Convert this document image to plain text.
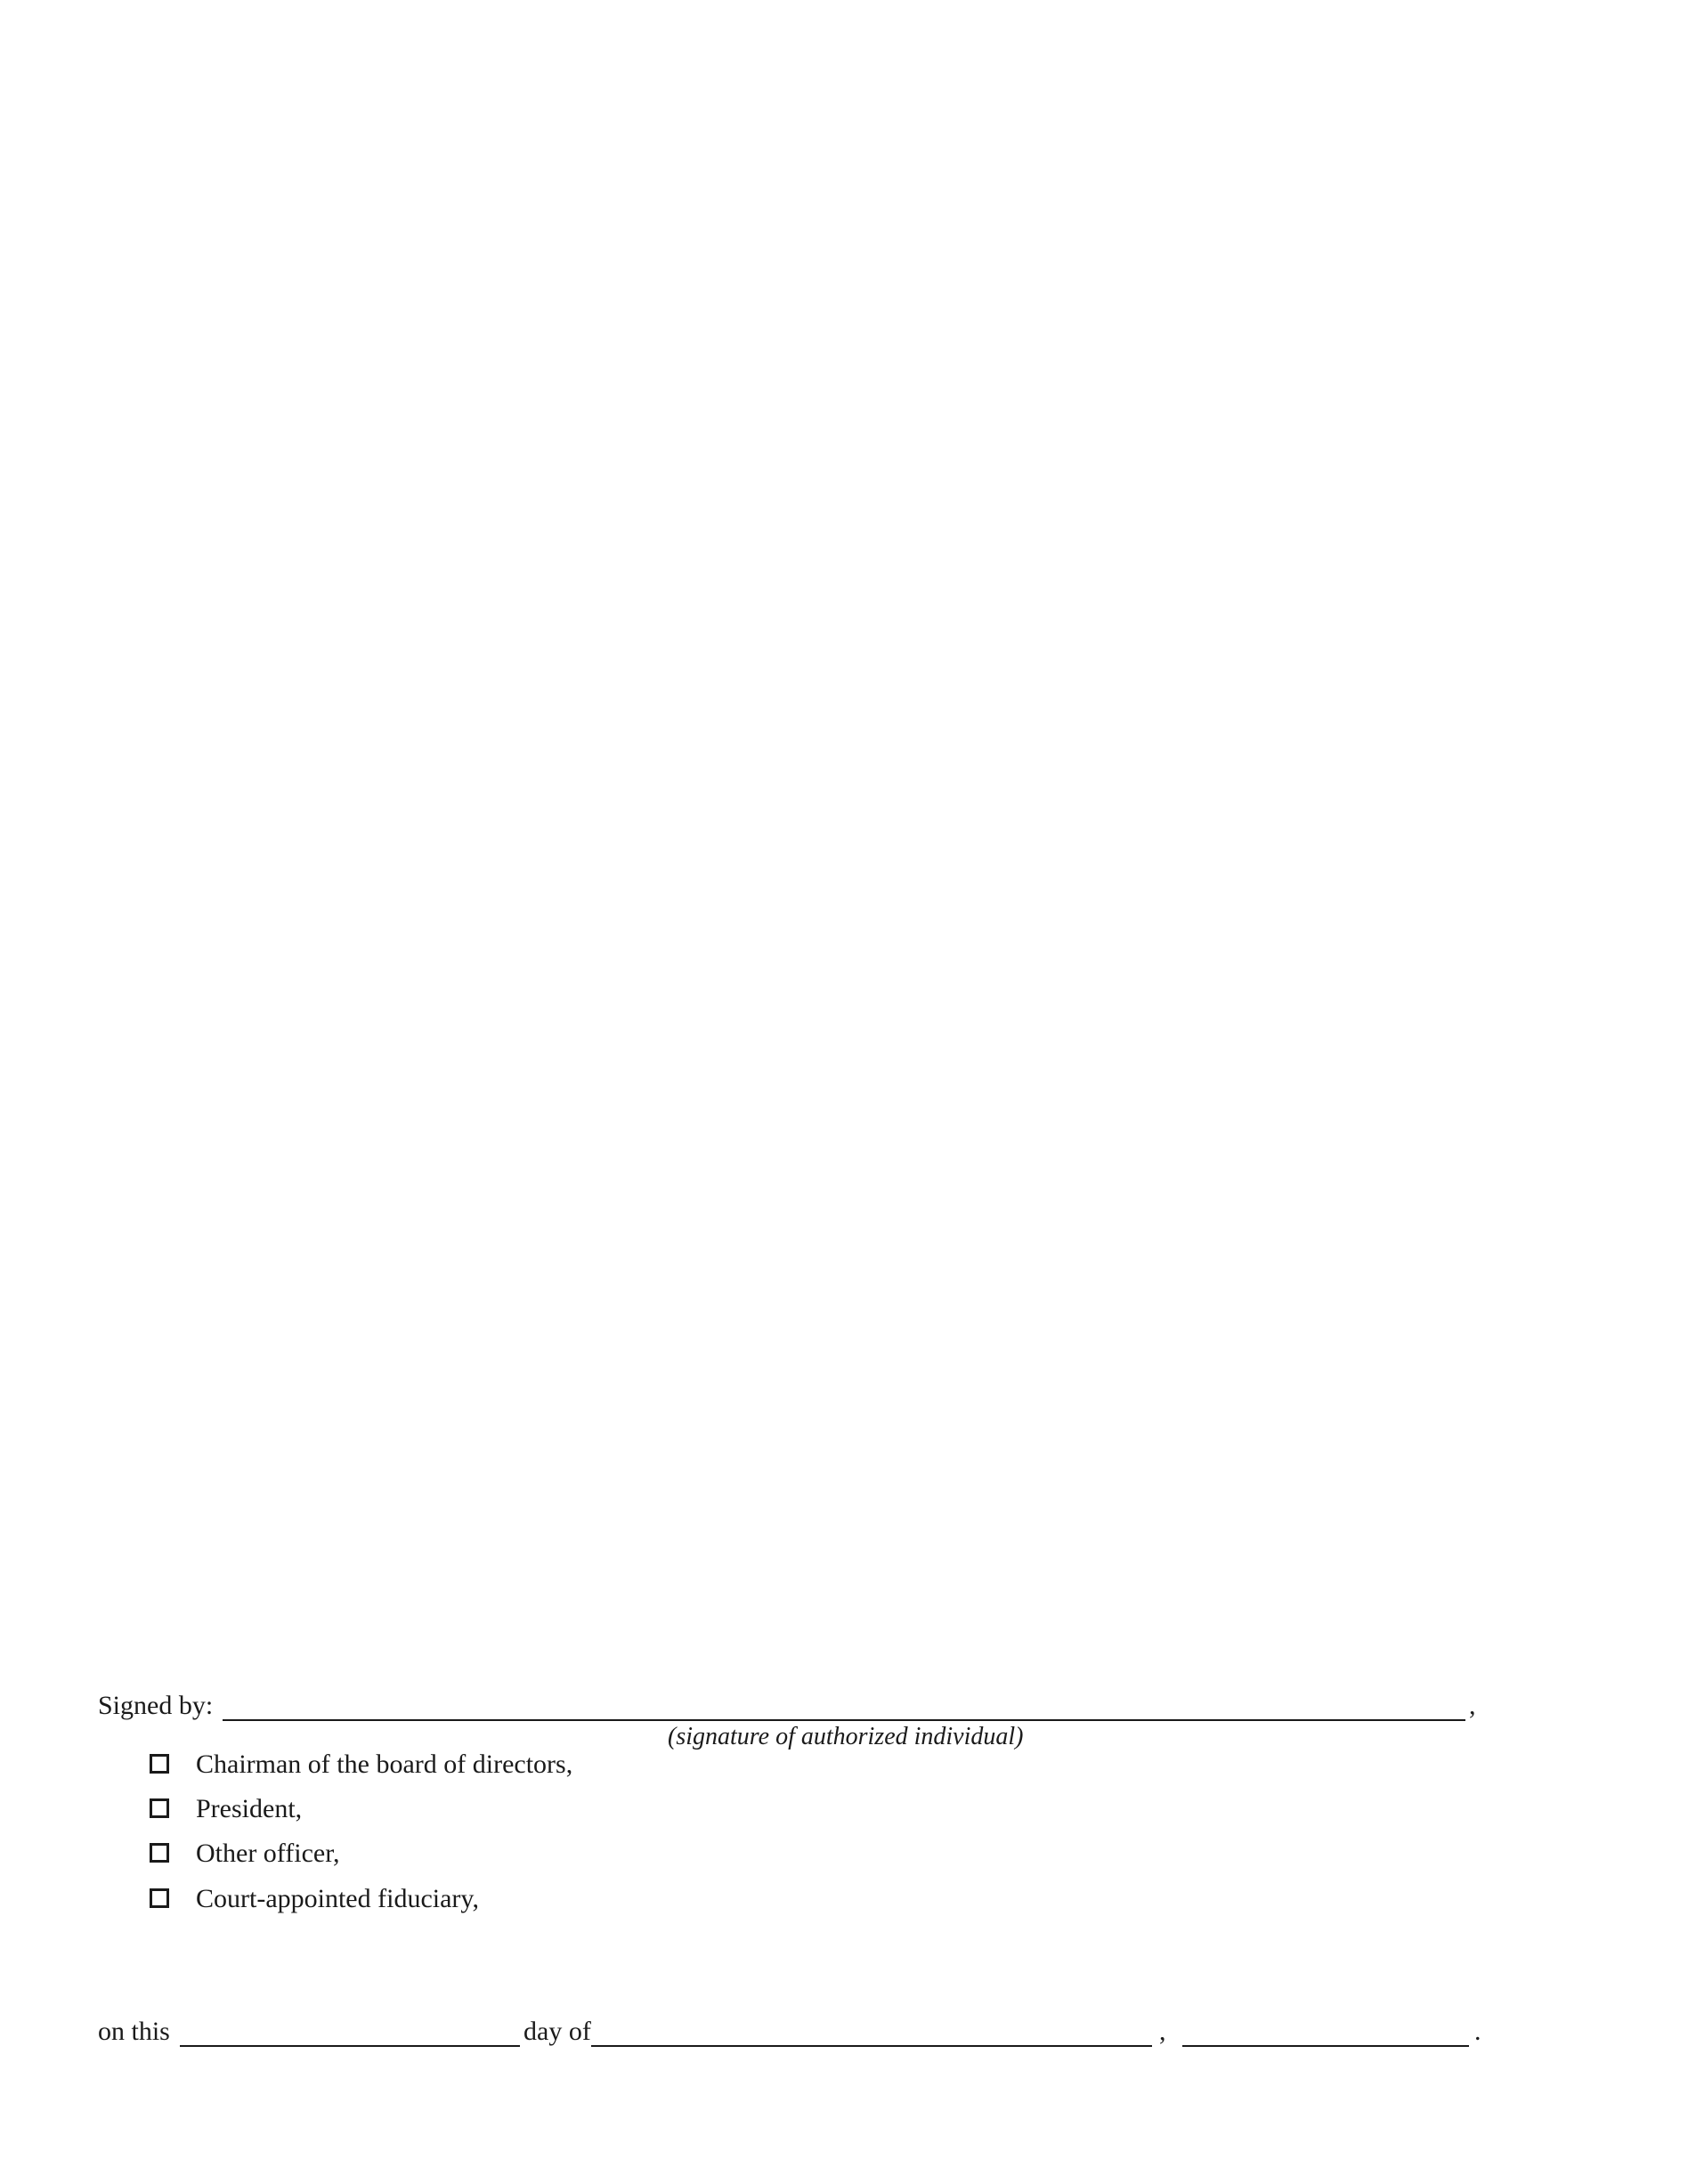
Signed by:	,
(signature of authorized individual)
Chairman of the board of directors,
President,
Other officer,
Court-appointed fiduciary,
on this	day of	,	.
